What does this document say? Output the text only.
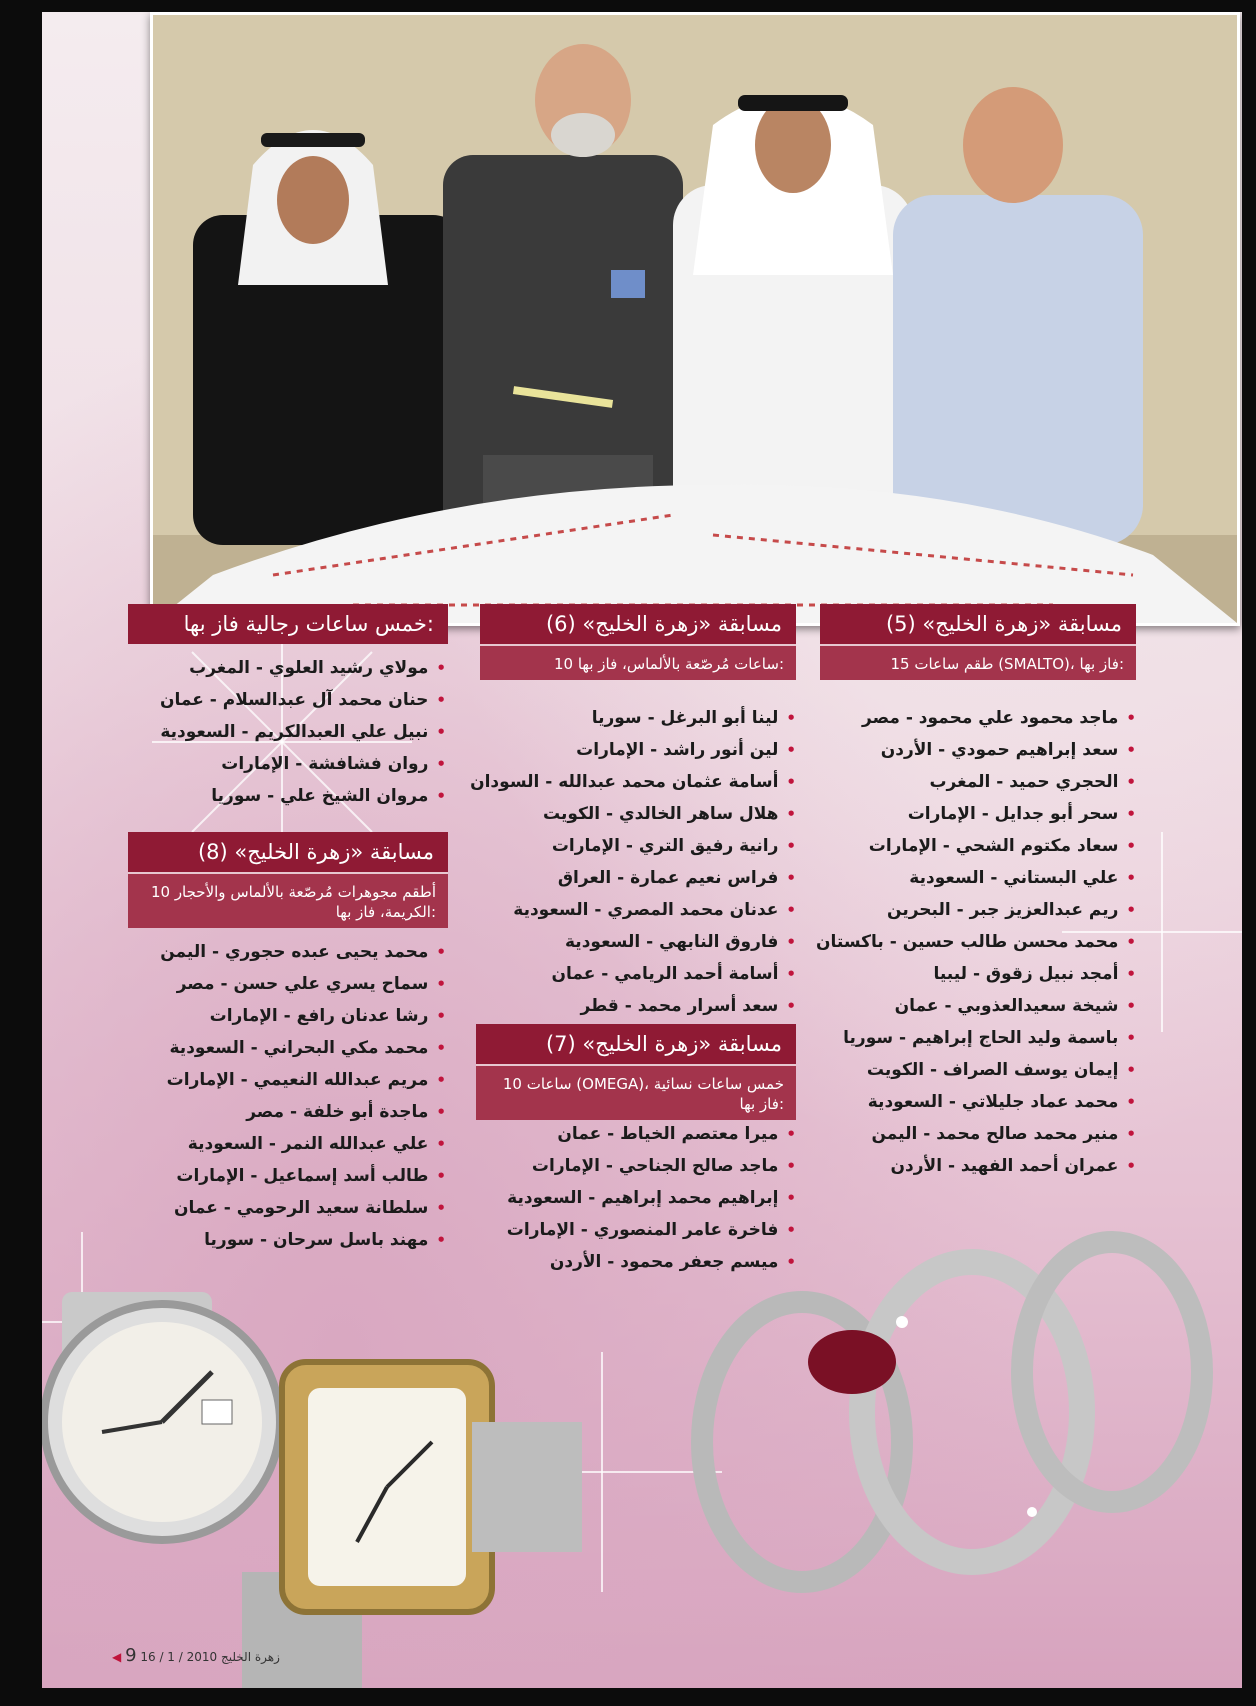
مسابقة «زهرة الخليج» (5)
15 طقم ساعات (SMALTO)، فاز بها:
• ماجد محمود علي محمود - مصر
• سعد إبراهيم حمودي - الأردن
• الحجري حميد - المغرب
• سحر أبو جدايل - الإمارات
• سعاد مكتوم الشحي - الإمارات
• علي البستاني - السعودية
• ريم عبدالعزيز جبر - البحرين
• محمد محسن طالب حسين - باكستان
• أمجد نبيل زقوق - ليبيا
• شيخة سعيدالعذوبي - عمان
• باسمة وليد الحاج إبراهيم - سوريا
• إيمان يوسف الصراف - الكويت
• محمد عماد جليلاتي - السعودية
• منير محمد صالح محمد - اليمن
• عمران أحمد الفهيد - الأردن
مسابقة «زهرة الخليج» (6)
10 ساعات مُرصّعة بالألماس، فاز بها:
• لينا أبو البرغل - سوريا
• لين أنور راشد - الإمارات
• أسامة عثمان محمد عبدالله - السودان
• هلال ساهر الخالدي - الكويت
• رانية رفيق التري - الإمارات
• فراس نعيم عمارة - العراق
• عدنان محمد المصري - السعودية
• فاروق النابهي - السعودية
• أسامة أحمد الريامي - عمان
• سعد أسرار محمد - قطر
مسابقة «زهرة الخليج» (7)
10 ساعات (OMEGA)، خمس ساعات نسائية فاز بها:
• ميرا معتصم الخياط - عمان
• ماجد صالح الجناحي - الإمارات
• إبراهيم محمد إبراهيم - السعودية
• فاخرة عامر المنصوري - الإمارات
• ميسم جعفر محمود - الأردن
خمس ساعات رجالية فاز بها:
• مولاي رشيد العلوي - المغرب
• حنان محمد آل عبدالسلام - عمان
• نبيل علي العبدالكريم - السعودية
• روان فشافشة - الإمارات
• مروان الشيخ علي - سوريا
مسابقة «زهرة الخليج» (8)
10 أطقم مجوهرات مُرصّعة بالألماس والأحجار الكريمة، فاز بها:
• محمد يحيى عبده حجوري - اليمن
• سماح يسري علي حسن - مصر
• رشا عدنان رافع - الإمارات
• محمد مكي البحراني - السعودية
• مريم عبدالله النعيمي - الإمارات
• ماجدة أبو خلفة - مصر
• علي عبدالله النمر - السعودية
• طالب أسد إسماعيل - الإمارات
• سلطانة سعيد الرحومي - عمان
• مهند باسل سرحان - سوريا
◀ 9 زهرة الخليج 2010 / 1 / 16
